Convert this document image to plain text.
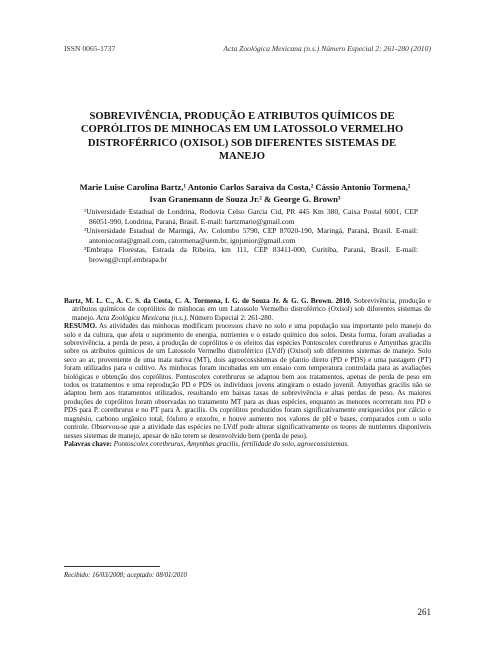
ISSN 0065-1737	Acta Zoológica Mexicana (n.s.) Número Especial 2: 261-280 (2010)
SOBREVIVÊNCIA, PRODUÇÃO E ATRIBUTOS QUÍMICOS DE COPRÓLITOS DE MINHOCAS EM UM LATOSSOLO VERMELHO DISTROFÉRRICO (OXISOL) SOB DIFERENTES SISTEMAS DE MANEJO
Marie Luise Carolina Bartz,¹ Antonio Carlos Saraiva da Costa,² Cássio Antonio Tormena,² Ivan Granemann de Souza Jr.² & George G. Brown³

¹Universidade Estadual de Londrina, Rodovia Celso Garcia Cid, PR 445 Km 380, Caixa Postal 6001, CEP 86051-990, Londrina, Paraná, Brasil. E-mail: bartzmarie@gmail.com

²Universidade Estadual de Maringá, Av. Colombo 5790, CEP 87020-190, Maringá, Paraná, Brasil. E-mail: antoniocosta@gmail.com, catormena@uem.br, ignjunior@gmail.com

³Embrapa Florestas, Estrada da Ribeira, km 111, CEP 83411-000, Curitiba, Paraná, Brasil. E-mail: browng@cnpf.embrapa.br

Bartz, M. L. C., A. C. S. da Costa, C. A. Tormena, I. G. de Souza Jr. & G. G. Brown. 2010. Sobrevivência, produção e atributos químicos de coprólitos de minhocas em um Latossolo Vermelho distroférrico (Oxisol) sob diferentes sistemas de manejo. Acta Zoológica Mexicana (n.s.), Número Especial 2: 261-280.

RESUMO. As atividades das minhocas modificam processos chave no solo e uma população sua importante pelo manejo do solo e da cultura, que afeta o suprimento de energia, nutrientes e o estado químico dos solos. Desta forma, foram avaliadas a sobrevivência, a perda de peso, a produção de coprólitos e os efeitos das espécies Pontoscolex corethrurus e Amynthas gracilis sobre os atributos químicos de um Latossolo Vermelho distroférrico (LVdf) (Oxisol) sob diferentes sistemas de manejo. Solo seco ao ar, proveniente de uma mata nativa (MT), dois agroecossistemas de plantio direto (PD e PDS) e uma pastagem (PT) foram utilizados para o cultivo. As minhocas foram incubadas em um ensaio com temperatura controlada para as avaliações biológicas e obtenção dos coprólitos. Pontoscolex corethrurus se adaptou bem aos tratamentos, apenas de perda de peso em todos os tratamentos e uma reprodução PD e PDS os indivíduos jovens atingiram o estado juvenil. Amynthas gracilis não se adaptou bem aos tratamentos utilizados, resultando em baixas taxas de sobrevivência e altas perdas de peso. As maiores produções de coprólitos foram observadas no tratamento MT para as duas espécies, enquanto as menores ocorreram nos PD e PDS para P. corethrurus e no PT para A. gracilis. Os coprólitos produzidos foram significativamente enriquecidos por cálcio e magnésio, carbono orgânico total, fósforo e enxofre, e houve aumento nos valores de pH e bases, comparados com o solo controle. Observou-se que a atividade das espécies no LVdf pode alterar significativamente os teores de nutrientes disponíveis nesses sistemas de manejo, apesar de não terem se desenvolvido bem (perda de peso).

Palavras chave: Pontoscolex corethrurus, Amynthas gracilis, fertilidade do solo, agroecossistemas.

Recibido: 16/03/2008; aceptado: 08/01/2010
261
